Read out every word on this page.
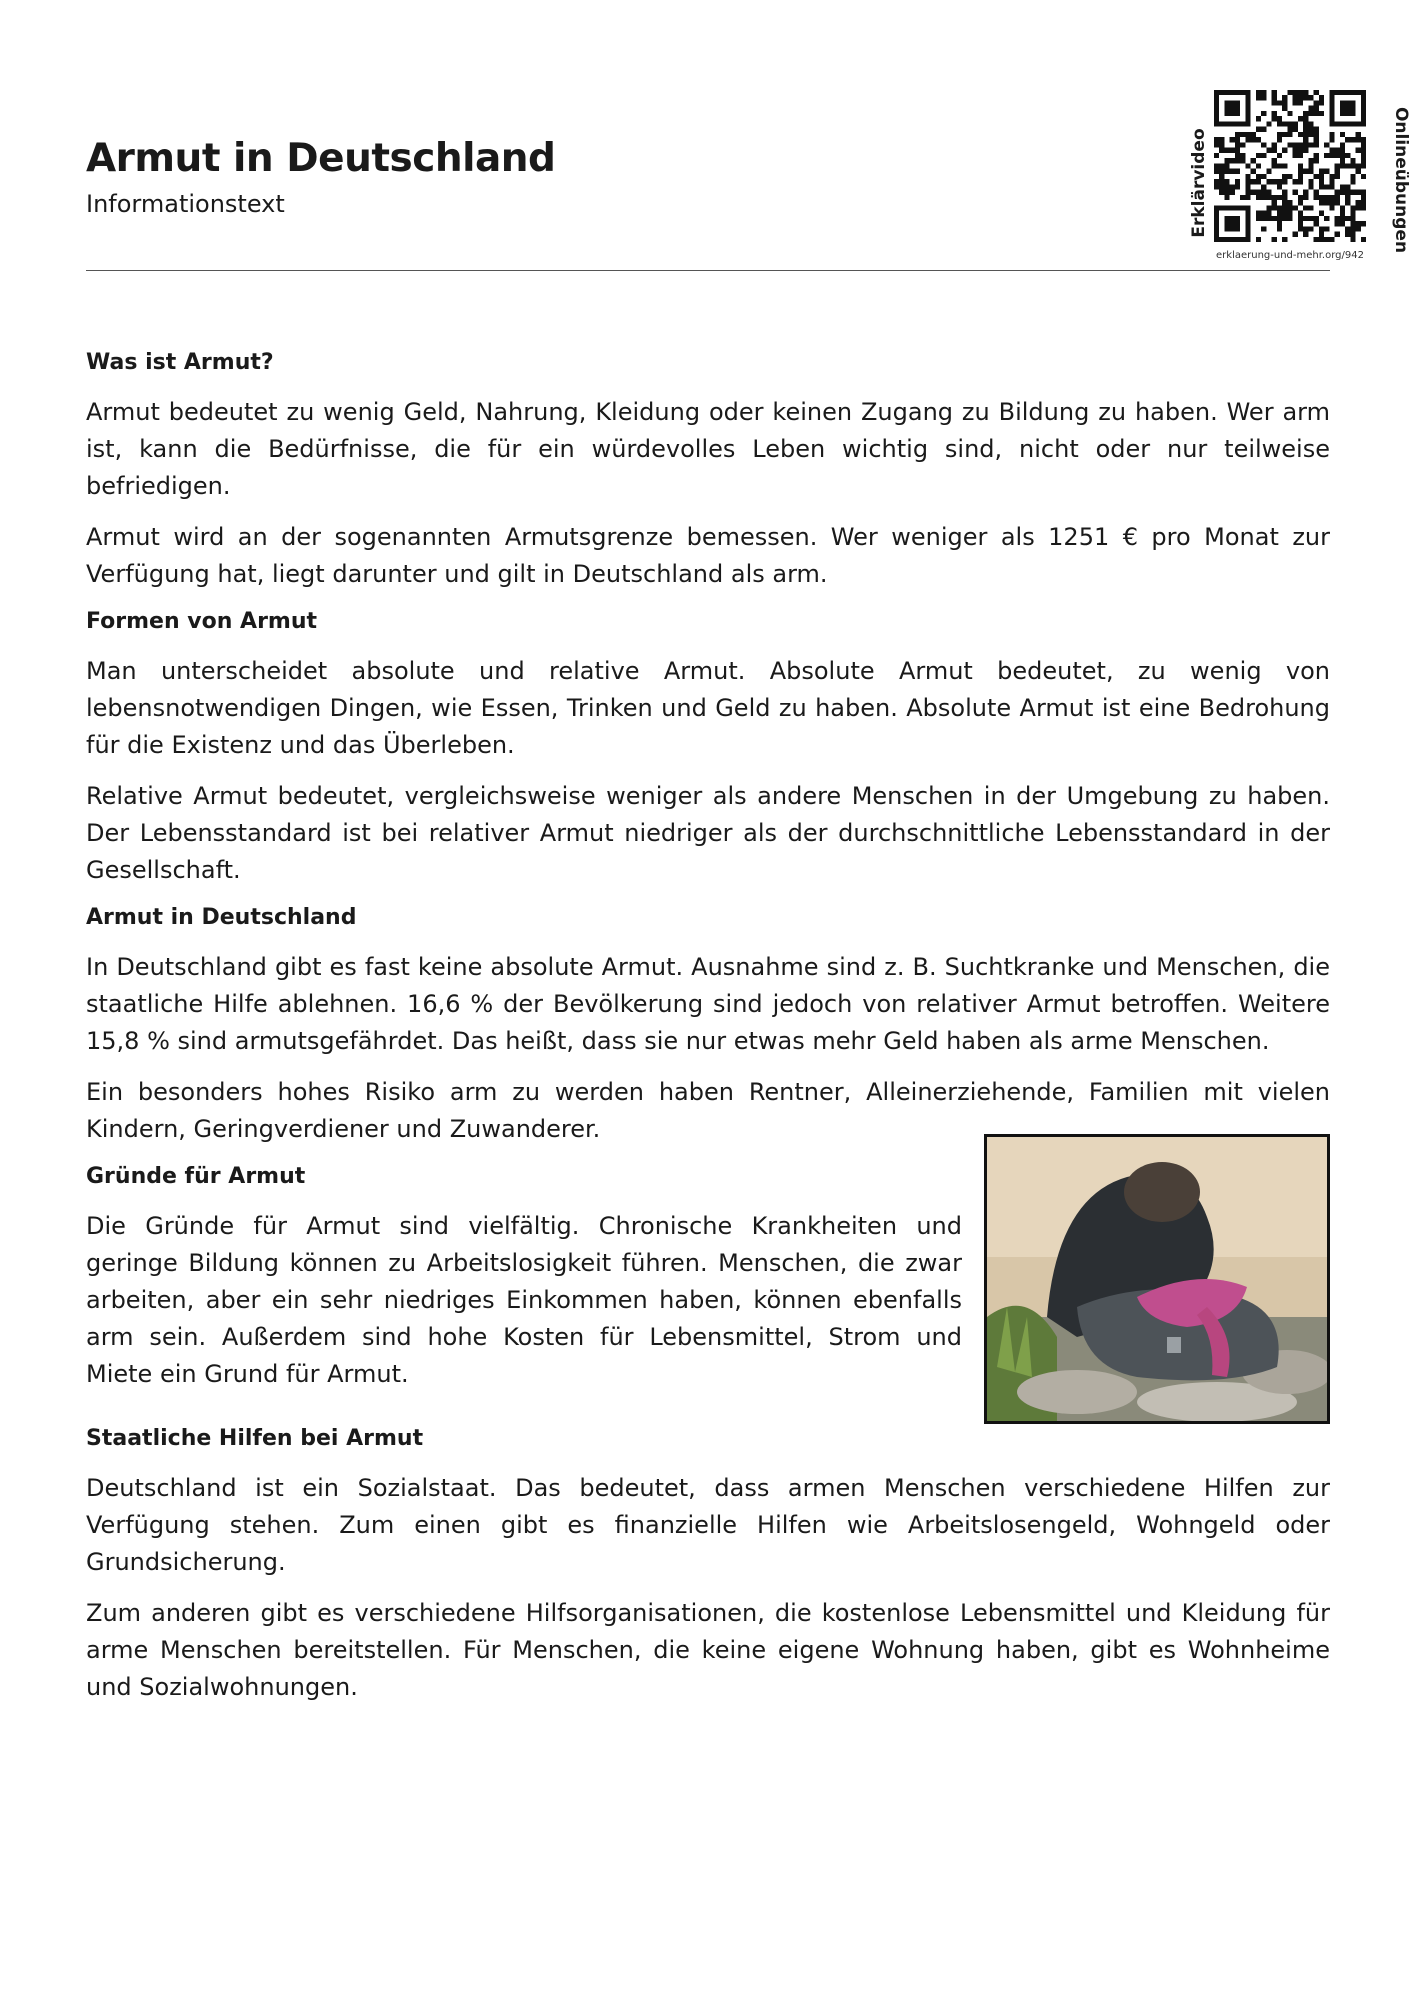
Armut in Deutschland
Informationstext	Erklärvideo	Onlineübungen
erklaerung-und-mehr.org/942
Was ist Armut?

Armut bedeutet zu wenig Geld, Nahrung, Kleidung oder keinen Zugang zu Bildung zu haben. Wer arm ist, kann die Bedürfnisse, die für ein würdevolles Leben wichtig sind, nicht oder nur teilweise befriedigen.

Armut wird an der sogenannten Armutsgrenze bemessen. Wer weniger als 1251 € pro Monat zur Verfügung hat, liegt darunter und gilt in Deutschland als arm.

Formen von Armut

Man unterscheidet absolute und relative Armut. Absolute Armut bedeutet, zu wenig von lebensnotwendigen Dingen, wie Essen, Trinken und Geld zu haben. Absolute Armut ist eine Bedrohung für die Existenz und das Überleben.

Relative Armut bedeutet, vergleichsweise weniger als andere Menschen in der Umgebung zu haben. Der Lebensstandard ist bei relativer Armut niedriger als der durchschnittliche Lebensstandard in der Gesellschaft.

Armut in Deutschland

In Deutschland gibt es fast keine absolute Armut. Ausnahme sind z. B. Suchtkranke und Menschen, die staatliche Hilfe ablehnen. 16,6 % der Bevölkerung sind jedoch von relativer Armut betroffen. Weitere 15,8 % sind armutsgefährdet. Das heißt, dass sie nur etwas mehr Geld haben als arme Menschen.

Ein besonders hohes Risiko arm zu werden haben Rentner, Alleinerziehende, Familien mit vielen Kindern, Geringverdiener und Zuwanderer.

Gründe für Armut

Die Gründe für Armut sind vielfältig. Chronische Krankheiten und geringe Bildung können zu Arbeitslosigkeit führen. Menschen, die zwar arbeiten, aber ein sehr niedriges Einkommen haben, können ebenfalls arm sein. Außerdem sind hohe Kosten für Lebensmittel, Strom und Miete ein Grund für Armut.

Staatliche Hilfen bei Armut

Deutschland ist ein Sozialstaat. Das bedeutet, dass armen Menschen verschiedene Hilfen zur Verfügung stehen. Zum einen gibt es finanzielle Hilfen wie Arbeitslosengeld, Wohngeld oder Grundsicherung.

Zum anderen gibt es verschiedene Hilfsorganisationen, die kostenlose Lebensmittel und Kleidung für arme Menschen bereitstellen. Für Menschen, die keine eigene Wohnung haben, gibt es Wohnheime und Sozialwohnungen.
